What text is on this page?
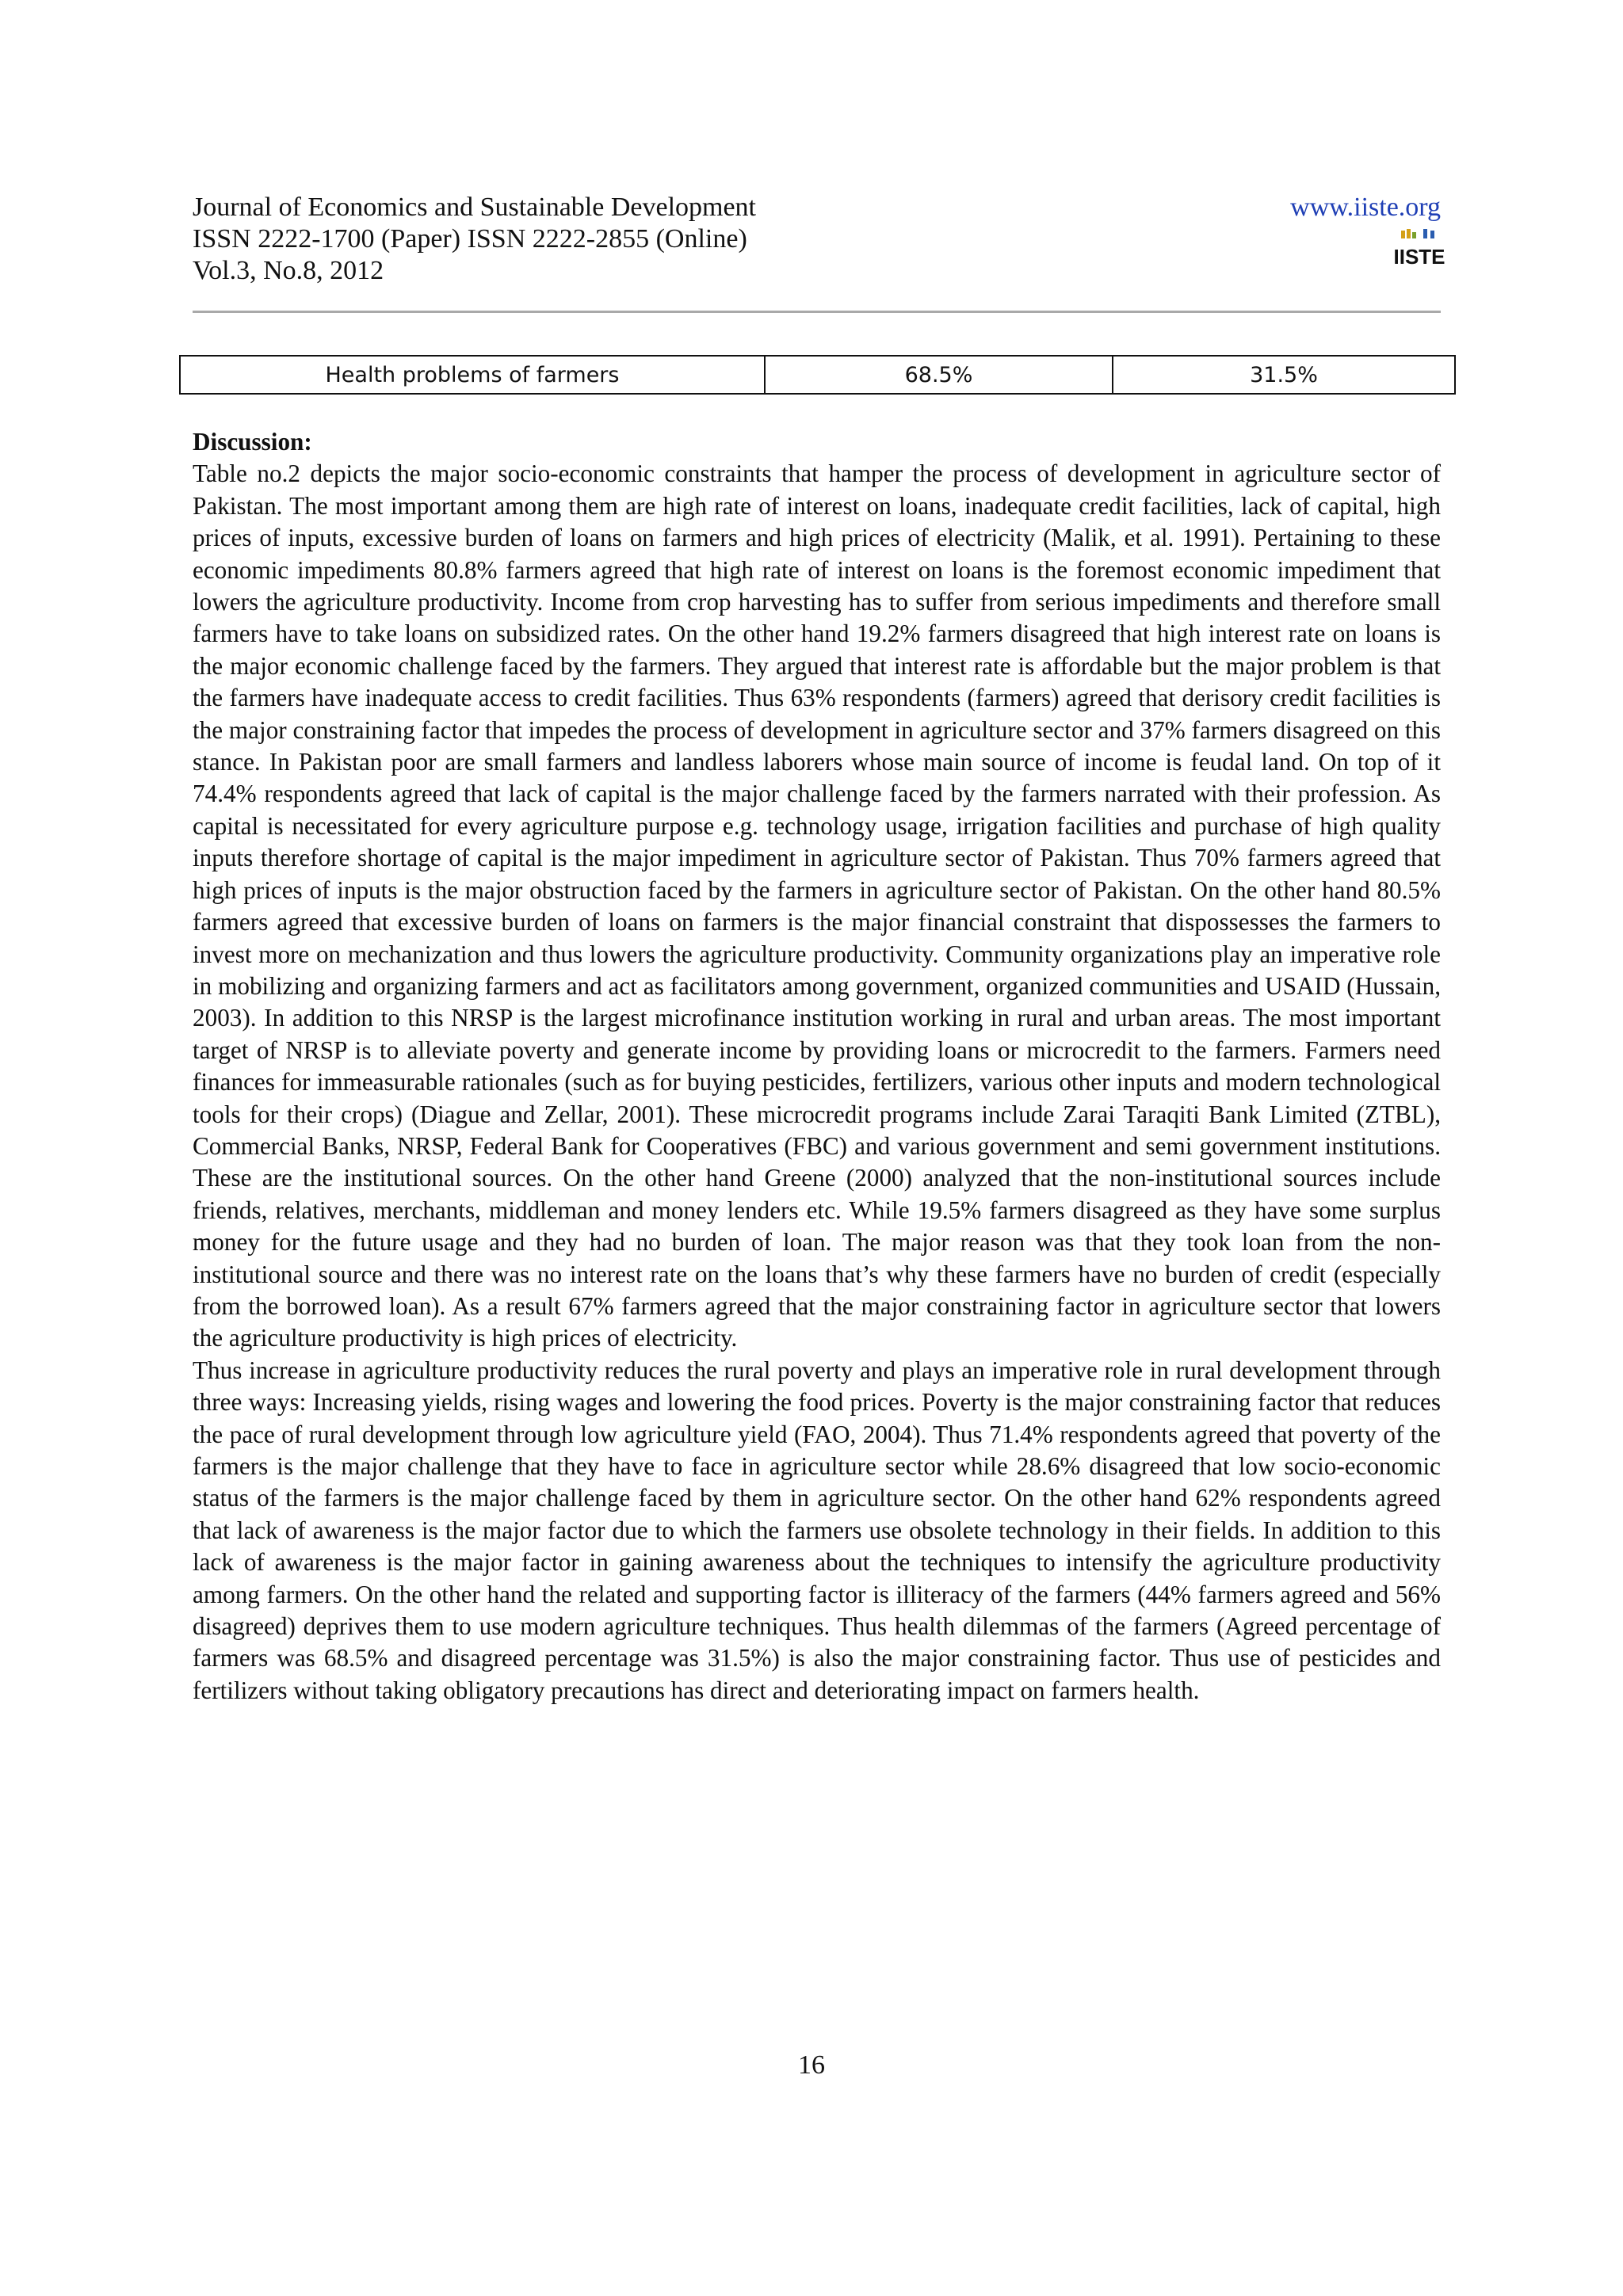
Journal of Economics and Sustainable Development
ISSN 2222-1700 (Paper) ISSN 2222-2855 (Online)
Vol.3, No.8, 2012
www.iiste.org
IISTE
Health problems of farmers	68.5%	31.5%
Discussion:

Table no.2 depicts the major socio-economic constraints that hamper the process of development in agriculture sector of Pakistan. The most important among them are high rate of interest on loans, inadequate credit facilities, lack of capital, high prices of inputs, excessive burden of loans on farmers and high prices of electricity (Malik, et al. 1991). Pertaining to these economic impediments 80.8% farmers agreed that high rate of interest on loans is the foremost economic impediment that lowers the agriculture productivity. Income from crop harvesting has to suffer from serious impediments and therefore small farmers have to take loans on subsidized rates. On the other hand 19.2% farmers disagreed that high interest rate on loans is the major economic challenge faced by the farmers. They argued that interest rate is affordable but the major problem is that the farmers have inadequate access to credit facilities. Thus 63% respondents (farmers) agreed that derisory credit facilities is the major constraining factor that impedes the process of development in agriculture sector and 37% farmers disagreed on this stance. In Pakistan poor are small farmers and landless laborers whose main source of income is feudal land. On top of it 74.4% respondents agreed that lack of capital is the major challenge faced by the farmers narrated with their profession. As capital is necessitated for every agriculture purpose e.g. technology usage, irrigation facilities and purchase of high quality inputs therefore shortage of capital is the major impediment in agriculture sector of Pakistan. Thus 70% farmers agreed that high prices of inputs is the major obstruction faced by the farmers in agriculture sector of Pakistan. On the other hand 80.5% farmers agreed that excessive burden of loans on farmers is the major financial constraint that dispossesses the farmers to invest more on mechanization and thus lowers the agriculture productivity. Community organizations play an imperative role in mobilizing and organizing farmers and act as facilitators among government, organized communities and USAID (Hussain, 2003). In addition to this NRSP is the largest microfinance institution working in rural and urban areas. The most important target of NRSP is to alleviate poverty and generate income by providing loans or microcredit to the farmers. Farmers need finances for immeasurable rationales (such as for buying pesticides, fertilizers, various other inputs and modern technological tools for their crops) (Diague and Zellar, 2001). These microcredit programs include Zarai Taraqiti Bank Limited (ZTBL), Commercial Banks, NRSP, Federal Bank for Cooperatives (FBC) and various government and semi government institutions. These are the institutional sources. On the other hand Greene (2000) analyzed that the non-institutional sources include friends, relatives, merchants, middleman and money lenders etc. While 19.5% farmers disagreed as they have some surplus money for the future usage and they had no burden of loan. The major reason was that they took loan from the non-institutional source and there was no interest rate on the loans that’s why these farmers have no burden of credit (especially from the borrowed loan). As a result 67% farmers agreed that the major constraining factor in agriculture sector that lowers the agriculture productivity is high prices of electricity.

Thus increase in agriculture productivity reduces the rural poverty and plays an imperative role in rural development through three ways: Increasing yields, rising wages and lowering the food prices. Poverty is the major constraining factor that reduces the pace of rural development through low agriculture yield (FAO, 2004). Thus 71.4% respondents agreed that poverty of the farmers is the major challenge that they have to face in agriculture sector while 28.6% disagreed that low socio-economic status of the farmers is the major challenge faced by them in agriculture sector. On the other hand 62% respondents agreed that lack of awareness is the major factor due to which the farmers use obsolete technology in their fields. In addition to this lack of awareness is the major factor in gaining awareness about the techniques to intensify the agriculture productivity among farmers. On the other hand the related and supporting factor is illiteracy of the farmers (44% farmers agreed and 56% disagreed) deprives them to use modern agriculture techniques. Thus health dilemmas of the farmers (Agreed percentage of farmers was 68.5% and disagreed percentage was 31.5%) is also the major constraining factor. Thus use of pesticides and fertilizers without taking obligatory precautions has direct and deteriorating impact on farmers health.

16
